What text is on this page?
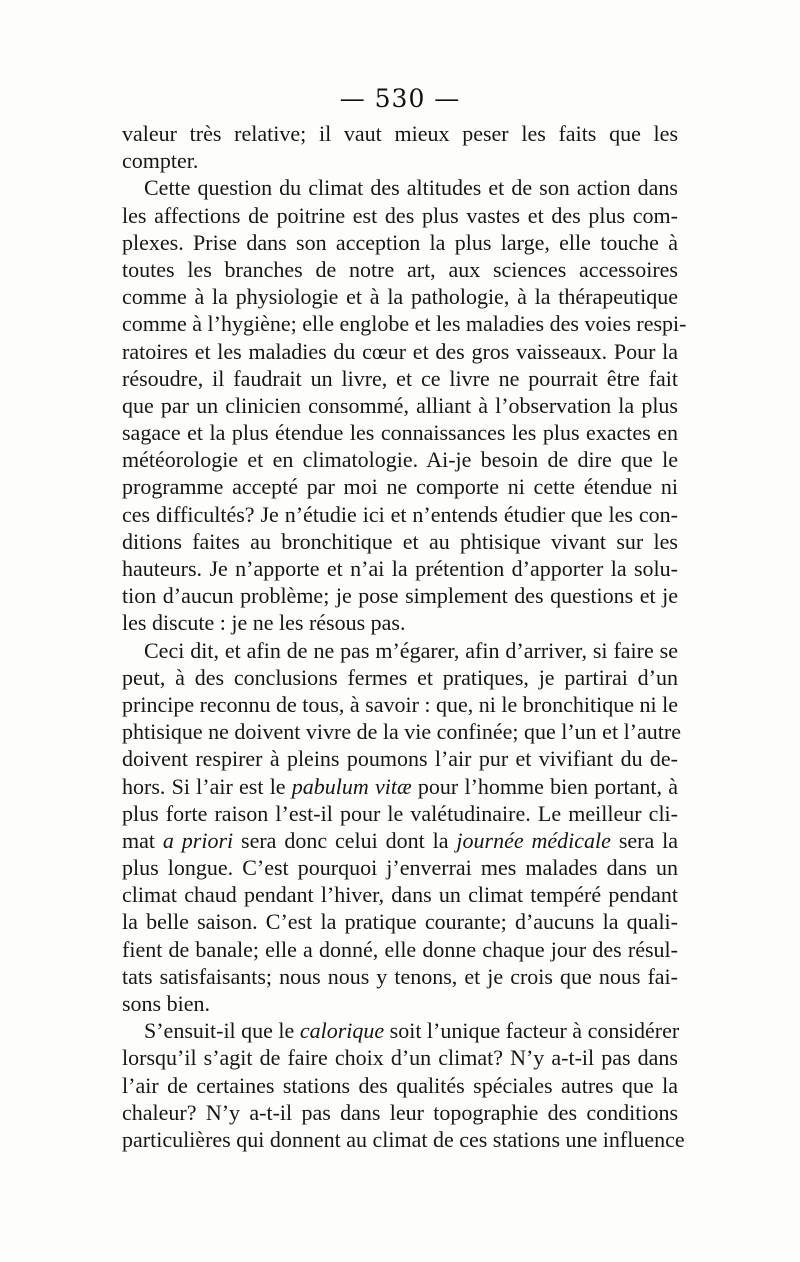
— 530 —
valeur très relative; il vaut mieux peser les faits que les
compter.
Cette question du climat des altitudes et de son action dans
les affections de poitrine est des plus vastes et des plus com-
plexes. Prise dans son acception la plus large, elle touche à
toutes les branches de notre art, aux sciences accessoires
comme à la physiologie et à la pathologie, à la thérapeutique
comme à l’hygiène; elle englobe et les maladies des voies respi-
ratoires et les maladies du cœur et des gros vaisseaux. Pour la
résoudre, il faudrait un livre, et ce livre ne pourrait être fait
que par un clinicien consommé, alliant à l’observation la plus
sagace et la plus étendue les connaissances les plus exactes en
météorologie et en climatologie. Ai-je besoin de dire que le
programme accepté par moi ne comporte ni cette étendue ni
ces difficultés? Je n’étudie ici et n’entends étudier que les con-
ditions faites au bronchitique et au phtisique vivant sur les
hauteurs. Je n’apporte et n’ai la prétention d’apporter la solu-
tion d’aucun problème; je pose simplement des questions et je
les discute : je ne les résous pas.
Ceci dit, et afin de ne pas m’égarer, afin d’arriver, si faire se
peut, à des conclusions fermes et pratiques, je partirai d’un
principe reconnu de tous, à savoir : que, ni le bronchitique ni le
phtisique ne doivent vivre de la vie confinée; que l’un et l’autre
doivent respirer à pleins poumons l’air pur et vivifiant du de-
hors. Si l’air est le pabulum vitæ pour l’homme bien portant, à
plus forte raison l’est-il pour le valétudinaire. Le meilleur cli-
mat a priori sera donc celui dont la journée médicale sera la
plus longue. C’est pourquoi j’enverrai mes malades dans un
climat chaud pendant l’hiver, dans un climat tempéré pendant
la belle saison. C’est la pratique courante; d’aucuns la quali-
fient de banale; elle a donné, elle donne chaque jour des résul-
tats satisfaisants; nous nous y tenons, et je crois que nous fai-
sons bien.
S’ensuit-il que le calorique soit l’unique facteur à considérer
lorsqu’il s’agit de faire choix d’un climat? N’y a-t-il pas dans
l’air de certaines stations des qualités spéciales autres que la
chaleur? N’y a-t-il pas dans leur topographie des conditions
particulières qui donnent au climat de ces stations une influence
